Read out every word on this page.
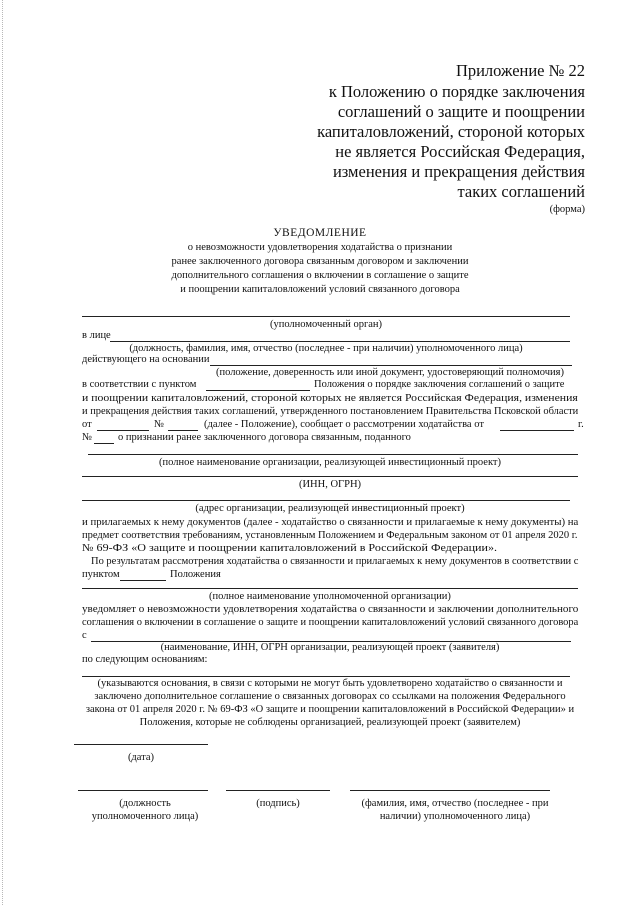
Приложение № 22
к Положению о порядке заключения
соглашений о защите и поощрении
капиталовложений, стороной которых
не является Российская Федерация,
изменения и прекращения действия
таких соглашений
(форма)
УВЕДОМЛЕНИЕ
о невозможности удовлетворения ходатайства о признании
ранее заключенного договора связанным договором и заключении
дополнительного соглашения о включении в соглашение о защите
и поощрении капиталовложений условий связанного договора
(уполномоченный орган)
в лице
(должность, фамилия, имя, отчество (последнее - при наличии) уполномоченного лица)
действующего на основании
(положение, доверенность или иной документ, удостоверяющий полномочия)
в соответствии с пунктом	Положения о порядке заключения соглашений о защите
и поощрении капиталовложений, стороной которых не является Российская Федерация, изменения
и прекращения действия таких соглашений, утвержденного постановлением Правительства Псковской области
от	№	(далее - Положение), сообщает о рассмотрении ходатайства от	г.
№ о признании ранее заключенного договора связанным, поданного
(полное наименование организации, реализующей инвестиционный проект)
(ИНН, ОГРН)
(адрес организации, реализующей инвестиционный проект)
и прилагаемых к нему документов (далее - ходатайство о связанности и прилагаемые к нему документы) на
предмет соответствия требованиям, установленным Положением и Федеральным законом от 01 апреля 2020 г.
№ 69-ФЗ «О защите и поощрении капиталовложений в Российской Федерации».
По результатам рассмотрения ходатайства о связанности и прилагаемых к нему документов в соответствии с
пунктом	Положения
(полное наименование уполномоченной организации)
уведомляет о невозможности удовлетворения ходатайства о связанности и заключении дополнительного
соглашения о включении в соглашение о защите и поощрении капиталовложений условий связанного договора
с
(наименование, ИНН, ОГРН организации, реализующей проект (заявителя)
по следующим основаниям:
(указываются основания, в связи с которыми не могут быть удовлетворено ходатайство о связанности и
заключено дополнительное соглашение о связанных договорах со ссылками на положения Федерального
закона от 01 апреля 2020 г. № 69-ФЗ «О защите и поощрении капиталовложений в Российской Федерации» и
Положения, которые не соблюдены организацией, реализующей проект (заявителем)
(дата)
(должность
уполномоченного лица)
(подпись)	(фамилия, имя, отчество (последнее - при
наличии) уполномоченного лица)
